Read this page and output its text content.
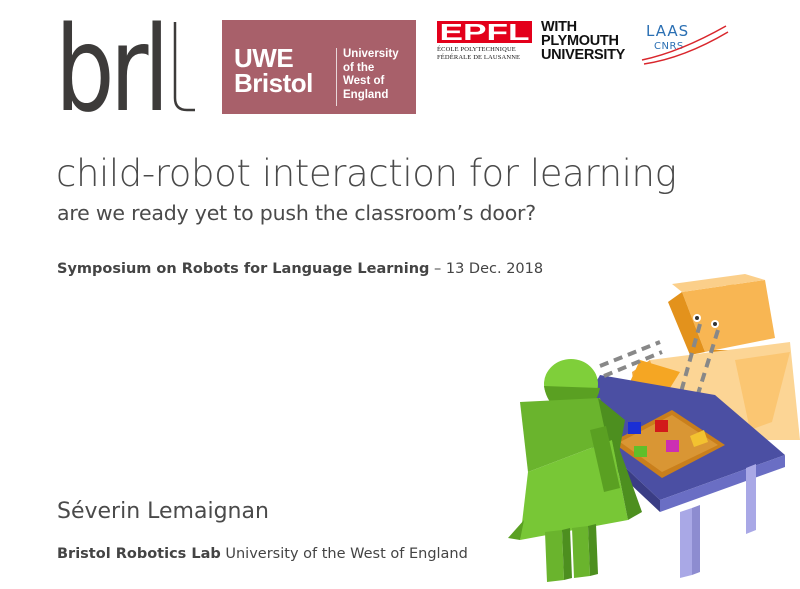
brl	UWE
Bristol
University
of the
West of
England
EPFL
ÉCOLE POLYTECHNIQUE
FÉDÉRALE DE LAUSANNE
WITH
PLYMOUTH
UNIVERSITY
LAAS
CNRS
child-robot interaction for learning
are we ready yet to push the classroom’s door?
Symposium on Robots for Language Learning – 13 Dec. 2018
Séverin Lemaignan
Bristol Robotics Lab University of the West of England
